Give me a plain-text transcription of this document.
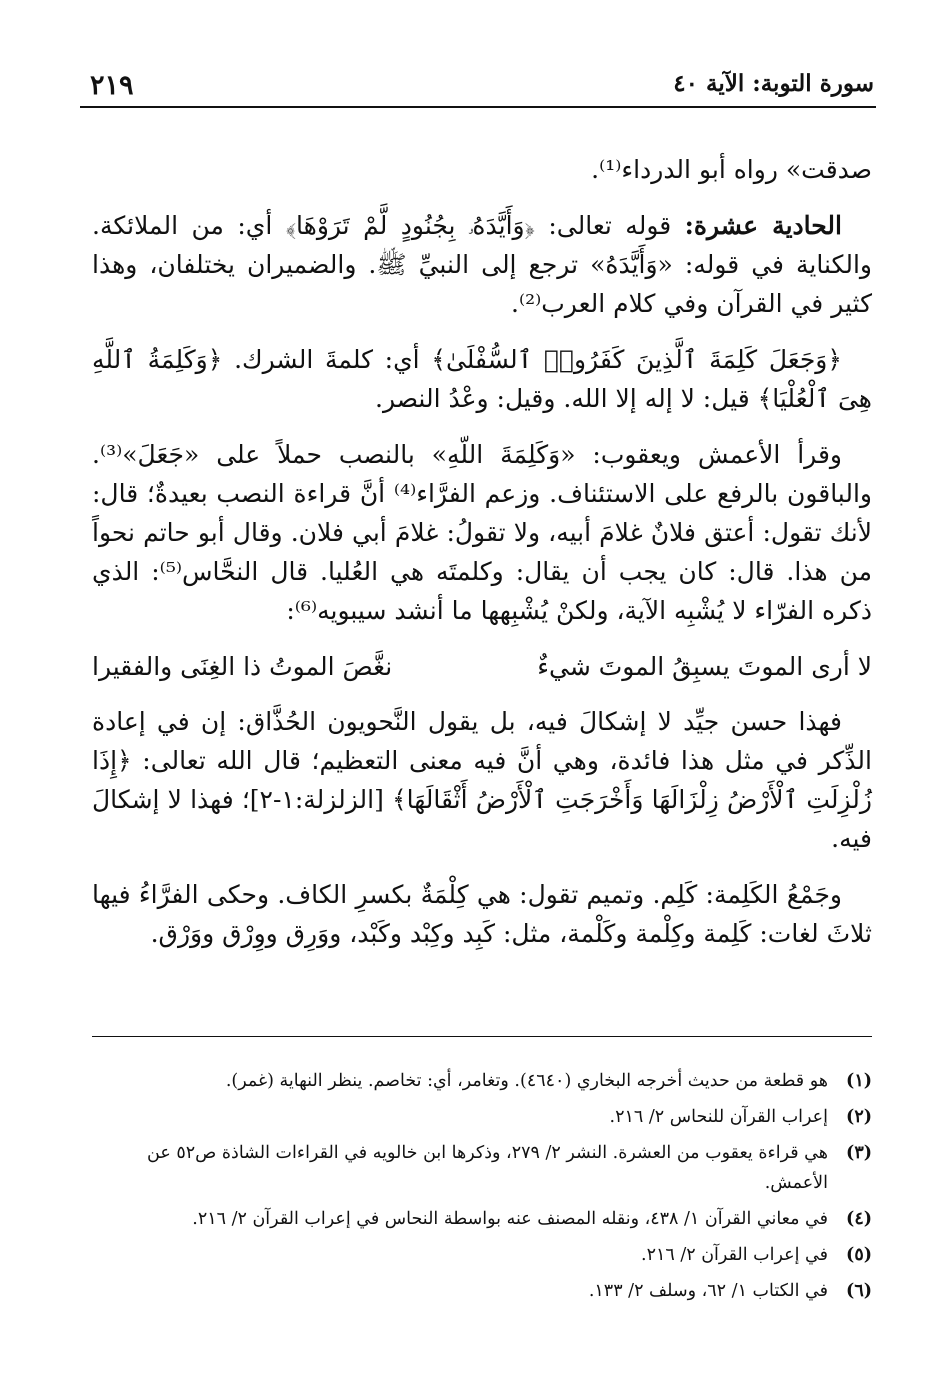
٢١٩	سورة التوبة: الآية ٤٠

صدقت» رواه أبو الدرداء⁽¹⁾.

الحادية عشرة: قوله تعالى: ﴿وَأَيَّدَهُۥ بِجُنُودٍ لَّمْ تَرَوْهَا﴾ أي: من الملائكة. والكناية في قوله: «وَأَيَّدَهُ» ترجع إلى النبيِّ ﷺ. والضميران يختلفان، وهذا كثير في القرآن وفي كلام العرب⁽²⁾.

﴿وَجَعَلَ كَلِمَةَ ٱلَّذِينَ كَفَرُوا۟ ٱلسُّفْلَىٰ﴾ أي: كلمةَ الشرك. ﴿وَكَلِمَةُ ٱللَّهِ هِىَ ٱلْعُلْيَا﴾ قيل: لا إله إلا الله. وقيل: وعْدُ النصر.

وقرأ الأعمش ويعقوب: «وَكَلِمَةَ اللّهِ» بالنصب حملاً على «جَعَلَ»⁽³⁾. والباقون بالرفع على الاستئناف. وزعم الفرَّاء⁽⁴⁾ أنَّ قراءة النصب بعيدةٌ؛ قال: لأنك تقول: أعتق فلانٌ غلامَ أبيه، ولا تقولُ: غلامَ أبي فلان. وقال أبو حاتم نحواً من هذا. قال: كان يجب أن يقال: وكلمتَه هي العُليا. قال النحَّاس⁽⁵⁾: الذي ذكره الفرّاء لا يُشْبِه الآية، ولكنْ يُشْبِهها ما أنشد سيبويه⁽⁶⁾:

لا أرى الموتَ يسبِقُ الموتَ شيءٌ
نغَّصَ الموتُ ذا الغِنَى والفقيرا

فهذا حسن جيِّد لا إشكالَ فيه، بل يقول النَّحويون الحُذَّاق: إن في إعادة الذِّكر في مثل هذا فائدة، وهي أنَّ فيه معنى التعظيم؛ قال الله تعالى: ﴿إِذَا زُلْزِلَتِ ٱلْأَرْضُ زِلْزَالَهَا وَأَخْرَجَتِ ٱلْأَرْضُ أَثْقَالَهَا﴾ [الزلزلة:١-٢]؛ فهذا لا إشكالَ فيه.

وجَمْعُ الكَلِمة: كَلِم. وتميم تقول: هي كِلْمَةٌ بكسرِ الكاف. وحكى الفرَّاءُ فيها ثلاثَ لغات: كَلِمة وكِلْمة وكَلْمة، مثل: كَبِد وكِبْد وكَبْد، ووَرِق ووِرْق ووَرْق.

(١)
هو قطعة من حديث أخرجه البخاري (٤٦٤٠). وتغامر، أي: تخاصم. ينظر النهاية (غمر).
(٢)
إعراب القرآن للنحاس ٢/ ٢١٦.
(٣)
هي قراءة يعقوب من العشرة. النشر ٢/ ٢٧٩، وذكرها ابن خالويه في القراءات الشاذة ص٥٢ عن الأعمش.
(٤)
في معاني القرآن ١/ ٤٣٨، ونقله المصنف عنه بواسطة النحاس في إعراب القرآن ٢/ ٢١٦.
(٥)
في إعراب القرآن ٢/ ٢١٦.
(٦)
في الكتاب ١/ ٦٢، وسلف ٢/ ١٣٣.
